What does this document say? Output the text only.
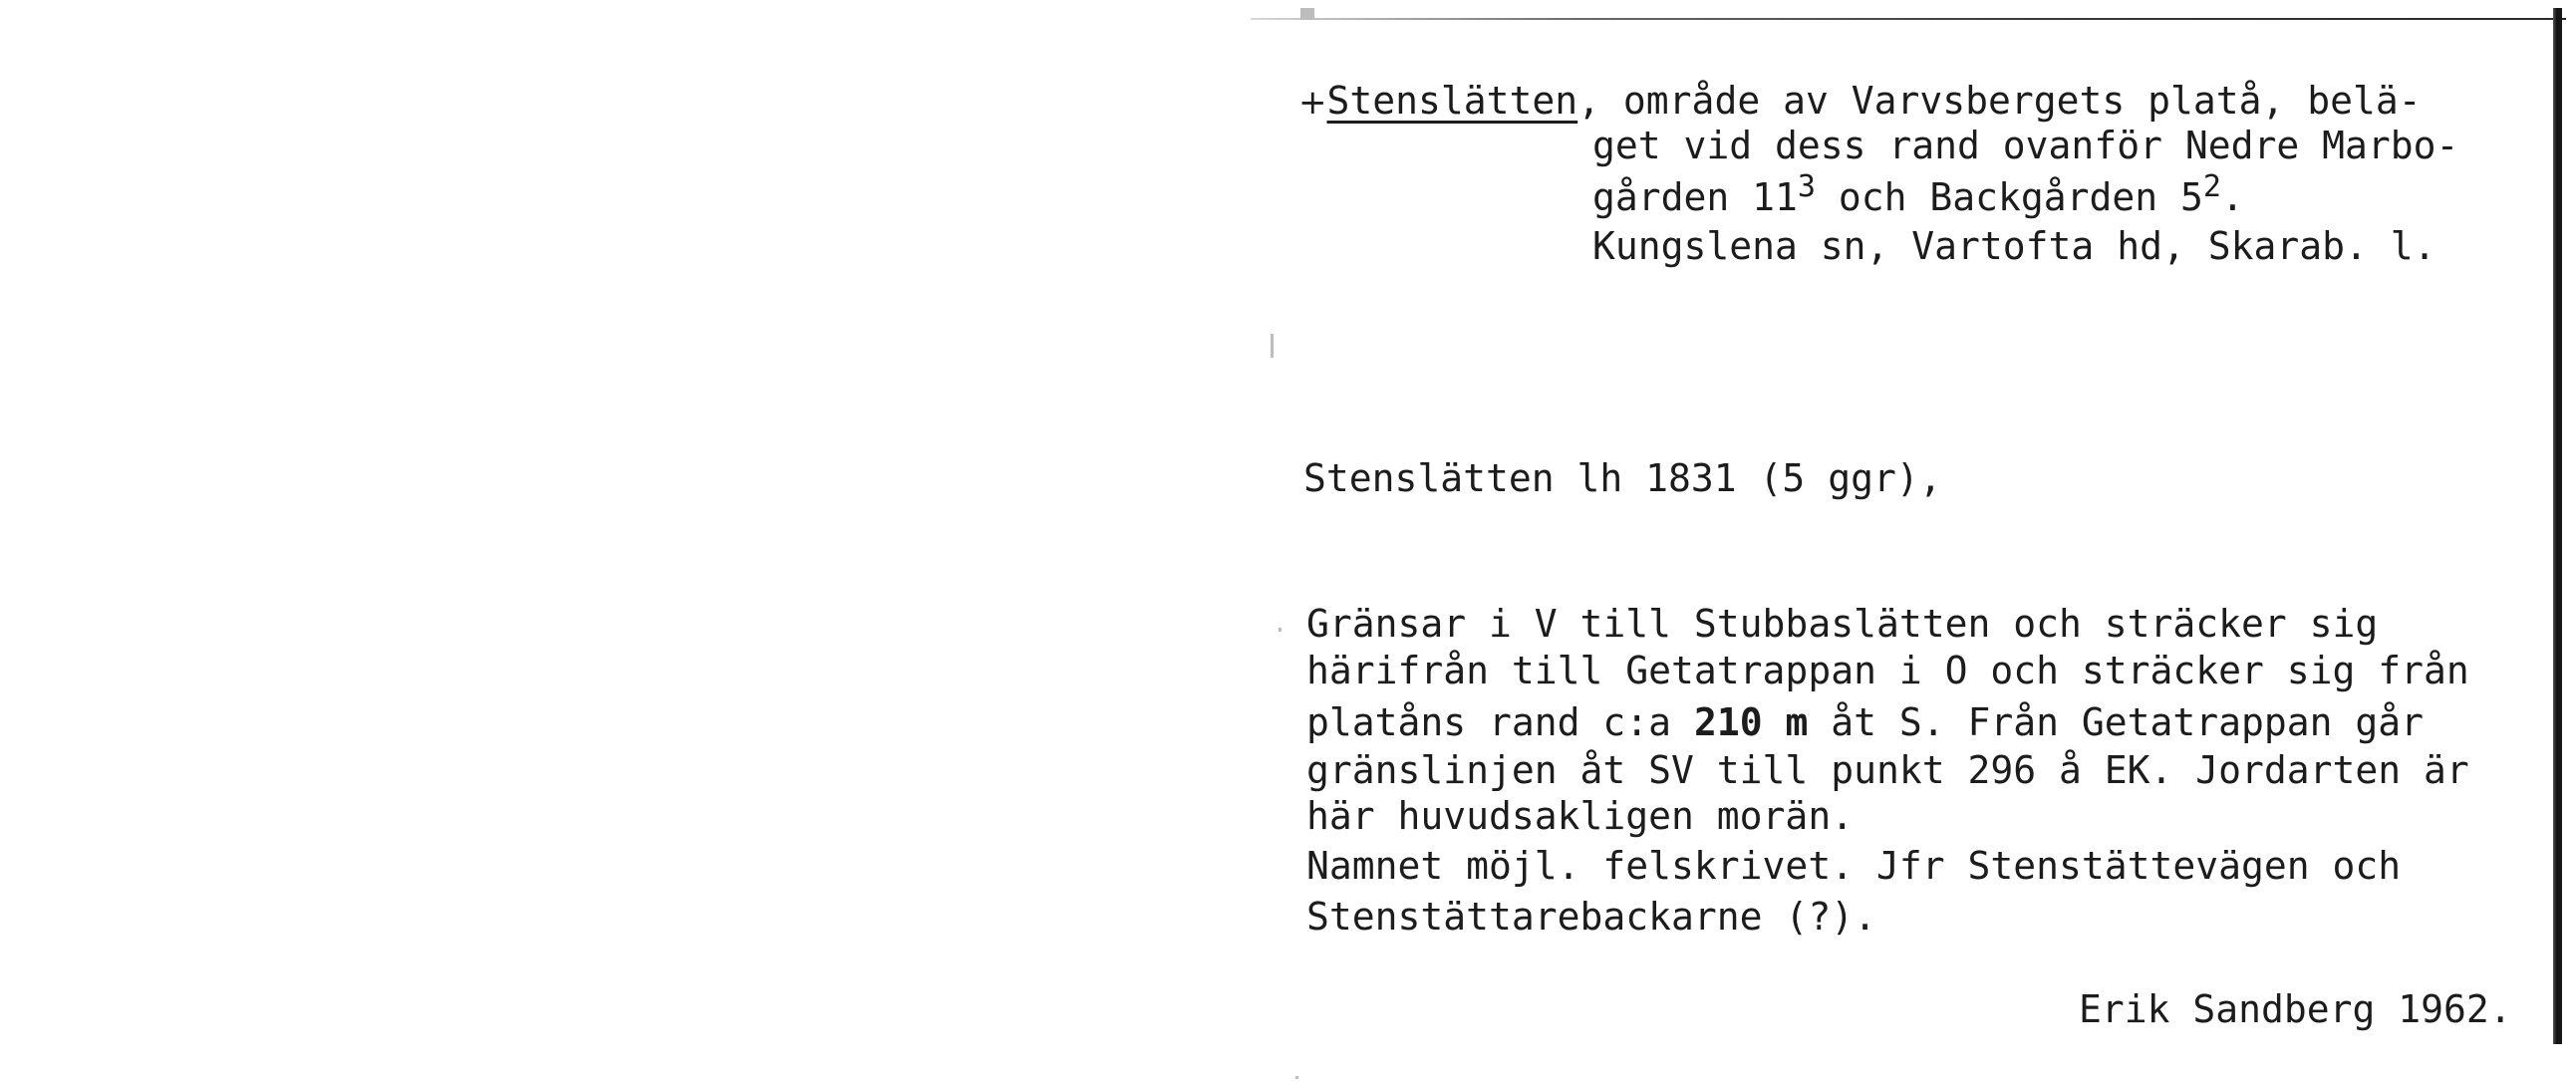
+Stenslätten, område av Varvsbergets platå, belä-
get vid dess rand ovanför Nedre Marbo-
gården $11^3$ och Backgården $5^2$.
Kungslena sn, Vartofta hd, Skarab. l.
Stenslätten lh 1831 (5 ggr),
Gränsar i V till Stubbaslätten och sträcker sig
härifrån till Getatrappan i O och sträcker sig från
platåns rand c:a 210 m åt S. Från Getatrappan går
gränslinjen åt SV till punkt 296 å EK. Jordarten är
här huvudsakligen morän.
Namnet möjl. felskrivet. Jfr Stenstättevägen och
Stenstättarebackarne (?).
Erik Sandberg 1962.
